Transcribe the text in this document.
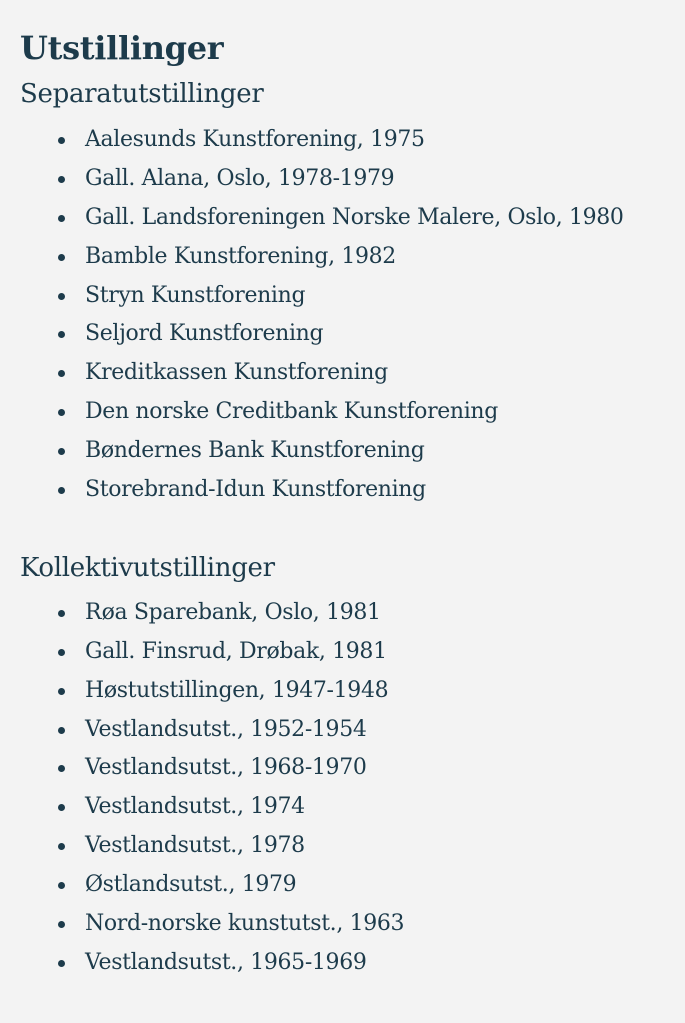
Utstillinger
Separatutstillinger
Aalesunds Kunstforening, 1975
Gall. Alana, Oslo, 1978-1979
Gall. Landsforeningen Norske Malere, Oslo, 1980
Bamble Kunstforening, 1982
Stryn Kunstforening
Seljord Kunstforening
Kreditkassen Kunstforening
Den norske Creditbank Kunstforening
Bøndernes Bank Kunstforening
Storebrand-Idun Kunstforening
Kollektivutstillinger
Røa Sparebank, Oslo, 1981
Gall. Finsrud, Drøbak, 1981
Høstutstillingen, 1947-1948
Vestlandsutst., 1952-1954
Vestlandsutst., 1968-1970
Vestlandsutst., 1974
Vestlandsutst., 1978
Østlandsutst., 1979
Nord-norske kunstutst., 1963
Vestlandsutst., 1965-1969
